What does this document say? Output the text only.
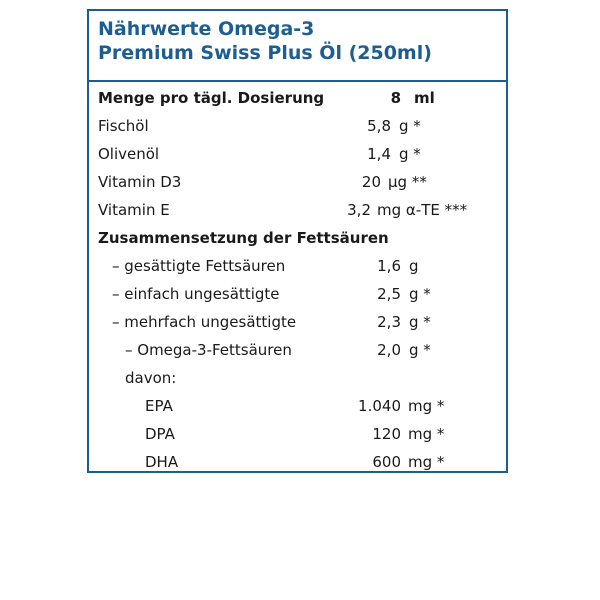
Nährwerte Omega-3
Premium Swiss Plus Öl (250ml)
Menge pro tägl. Dosierung	8 ml
Fischöl	5,8 g *
Olivenöl	1,4 g *
Vitamin D3	20 µg **
Vitamin E	3,2 mg α-TE ***
Zusammensetzung der Fettsäuren
– gesättigte Fettsäuren	1,6 g
– einfach ungesättigte	2,5 g *
– mehrfach ungesättigte	2,3 g *
– Omega-3-Fettsäuren	2,0 g *
davon:
EPA	1.040 mg *
DPA	120 mg *
DHA	600 mg *
